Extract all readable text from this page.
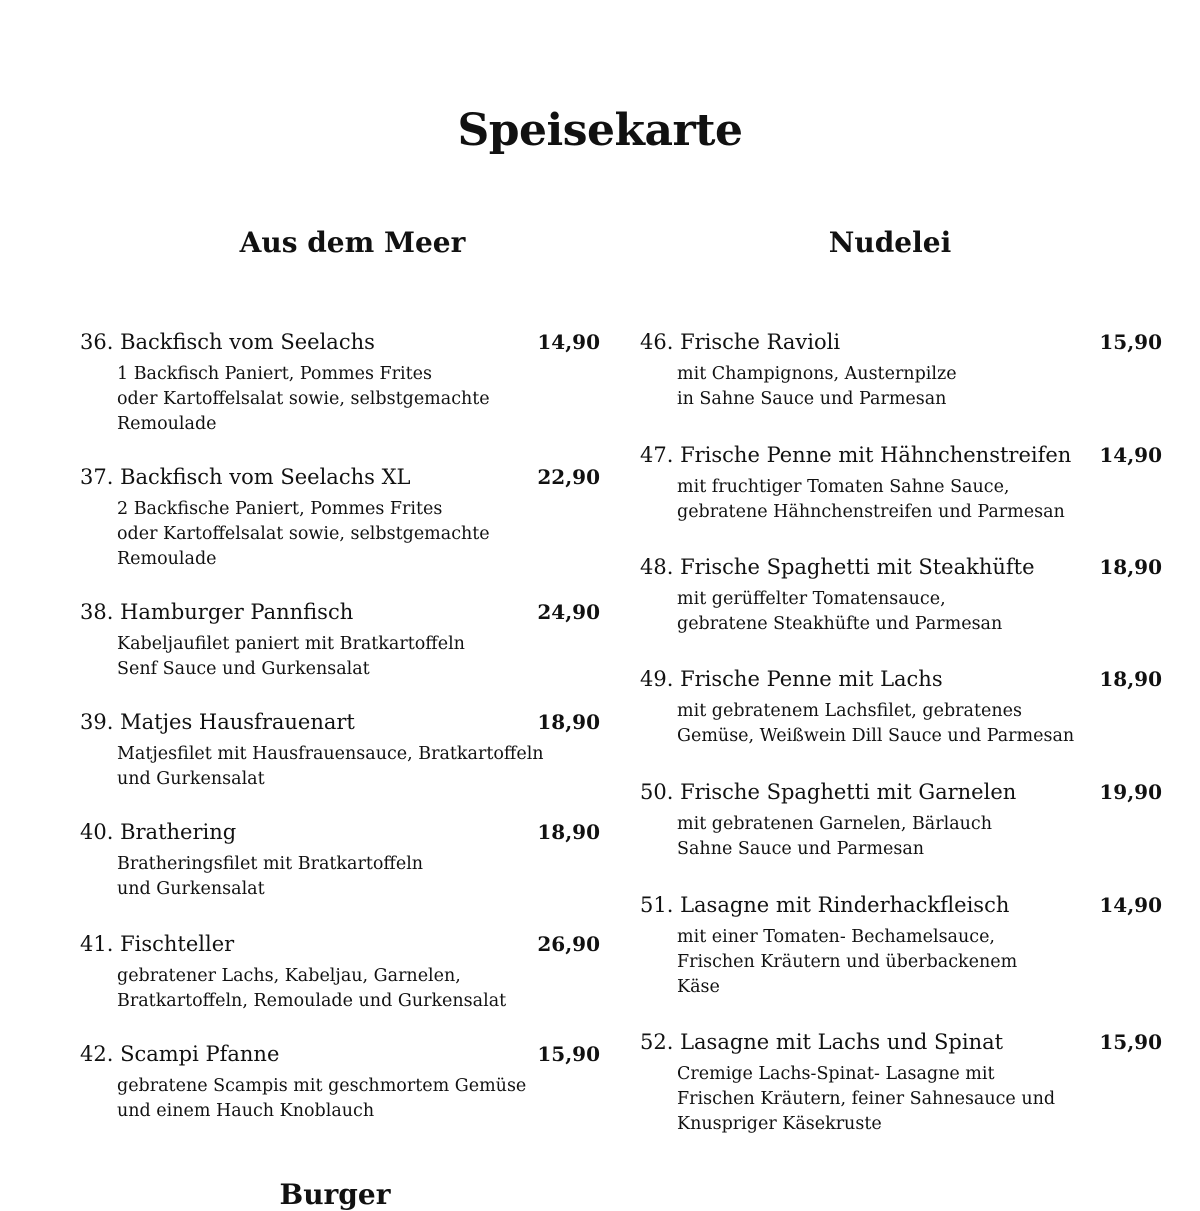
Speisekarte
Aus dem Meer	Nudelei
36. Backfisch vom Seelachs	14,90
1 Backfisch Paniert, Pommes Frites
oder Kartoffelsalat sowie, selbstgemachte
Remoulade
37. Backfisch vom Seelachs XL	22,90
2 Backfische Paniert, Pommes Frites
oder Kartoffelsalat sowie, selbstgemachte
Remoulade
38. Hamburger Pannfisch	24,90
Kabeljaufilet paniert mit Bratkartoffeln
Senf Sauce und Gurkensalat
39. Matjes Hausfrauenart	18,90
Matjesfilet mit Hausfrauensauce, Bratkartoffeln
und Gurkensalat
40. Brathering	18,90
Bratheringsfilet mit Bratkartoffeln
und Gurkensalat
41. Fischteller	26,90
gebratener Lachs, Kabeljau, Garnelen,
Bratkartoffeln, Remoulade und Gurkensalat
42. Scampi Pfanne	15,90
gebratene Scampis mit geschmortem Gemüse
und einem Hauch Knoblauch
46. Frische Ravioli	15,90
mit Champignons, Austernpilze
in Sahne Sauce und Parmesan
47. Frische Penne mit Hähnchenstreifen 14,90
mit fruchtiger Tomaten Sahne Sauce,
gebratene Hähnchenstreifen und Parmesan
48. Frische Spaghetti mit Steakhüfte	18,90
mit gerüffelter Tomatensauce,
gebratene Steakhüfte und Parmesan
49. Frische Penne mit Lachs	18,90
mit gebratenem Lachsfilet, gebratenes
Gemüse, Weißwein Dill Sauce und Parmesan
50. Frische Spaghetti mit Garnelen	19,90
mit gebratenen Garnelen, Bärlauch
Sahne Sauce und Parmesan
51. Lasagne mit Rinderhackfleisch	14,90
mit einer Tomaten- Bechamelsauce,
Frischen Kräutern und überbackenem
Käse
52. Lasagne mit Lachs und Spinat	15,90
Cremige Lachs-Spinat- Lasagne mit
Frischen Kräutern, feiner Sahnesauce und
Knuspriger Käsekruste
Burger
